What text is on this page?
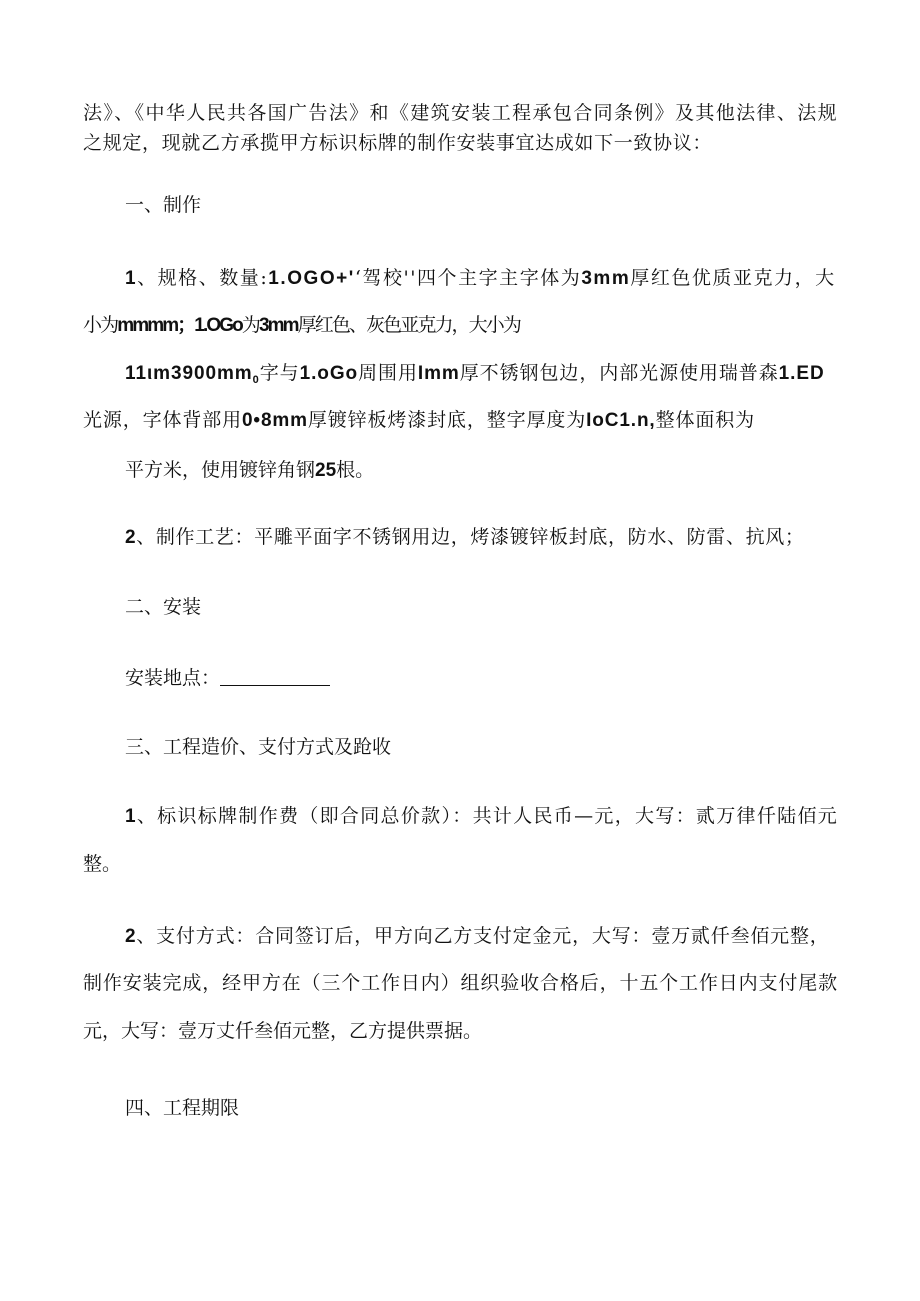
法》、《中华人民共各国广告法》和《建筑安装工程承包合同条例》及其他法律、法规
之规定，现就乙方承揽甲方标识标牌的制作安装事宜达成如下一致协议：
一、制作
1、规格、数量:1.OGO+'‘驾校''四个主字主字体为3mm厚红色优质亚克力，大
小为mmmm；1.OGo为3mm厚红色、灰色亚克力，大小为
$11\iota m3900mm_0$字与1.oGo周围用Imm厚不锈钢包边，内部光源使用瑞普森1.ED
光源，字体背部用0•8mm厚镀锌板烤漆封底，整字厚度为IoC1.n,整体面积为
平方米，使用镀锌角钢25根。
2、制作工艺：平雕平面字不锈钢用边，烤漆镀锌板封底，防水、防雷、抗风；
二、安装
安装地点：
三、工程造价、支付方式及跄收
1、标识标牌制作费（即合同总价款）：共计人民币—元，大写：贰万律仟陆佰元
整。
2、支付方式：合同签订后，甲方向乙方支付定金元，大写：壹万贰仟叁佰元整，
制作安装完成，经甲方在（三个工作日内）组织验收合格后，十五个工作日内支付尾款
元，大写：壹万丈仟叁佰元整，乙方提供票据。
四、工程期限
